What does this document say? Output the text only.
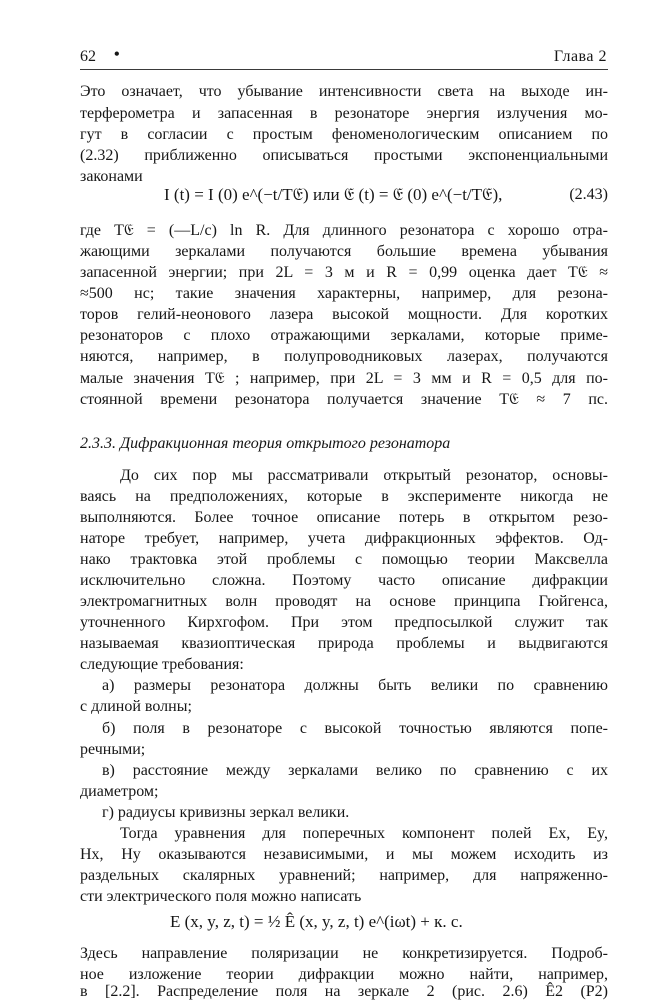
62 •	Глава 2
Это означает, что убывание интенсивности света на выходе ин-
терферометра и запасенная в резонаторе энергия излучения мо-
гут в согласии с простым феноменологическим описанием по
(2.32) приближенно описываться простыми экспоненциальными
законами
I (t) = I (0) e^(−t/T𝔈) или 𝔈 (t) = 𝔈 (0) e^(−t/T𝔈),	(2.43)
где T𝔈 = (—L/c) ln R. Для длинного резонатора с хорошо отра-
жающими зеркалами получаются большие времена убывания
запасенной энергии; при 2L = 3 м и R = 0,99 оценка дает T𝔈 ≈
≈500 нс; такие значения характерны, например, для резона-
торов гелий-неонового лазера высокой мощности. Для коротких
резонаторов с плохо отражающими зеркалами, которые приме-
няются, например, в полупроводниковых лазерах, получаются
малые значения T𝔈 ; например, при 2L = 3 мм и R = 0,5 для по-
стоянной времени резонатора получается значение T𝔈 ≈ 7 пс.
2.3.3. Дифракционная теория открытого резонатора
До сих пор мы рассматривали открытый резонатор, основы-
ваясь на предположениях, которые в эксперименте никогда не
выполняются. Более точное описание потерь в открытом резо-
наторе требует, например, учета дифракционных эффектов. Од-
нако трактовка этой проблемы с помощью теории Максвелла
исключительно сложна. Поэтому часто описание дифракции
электромагнитных волн проводят на основе принципа Гюйгенса,
уточненного Кирхгофом. При этом предпосылкой служит так
называемая квазиоптическая природа проблемы и выдвигаются
следующие требования:
а) размеры резонатора должны быть велики по сравнению
с длиной волны;
б) поля в резонаторе с высокой точностью являются попе-
речными;
в) расстояние между зеркалами велико по сравнению с их
диаметром;
г) радиусы кривизны зеркал велики.
Тогда уравнения для поперечных компонент полей Ex, Ey,
Hx, Hy оказываются независимыми, и мы можем исходить из
раздельных скалярных уравнений; например, для напряженно-
сти электрического поля можно написать
E (x, y, z, t) = ½ Ê (x, y, z, t) e^(iωt) + к. с.
Здесь направление поляризации не конкретизируется. Подроб-
ное изложение теории дифракции можно найти, например,
в [2.2]. Распределение поля на зеркале 2 (рис. 2.6) Ê2 (P2)
